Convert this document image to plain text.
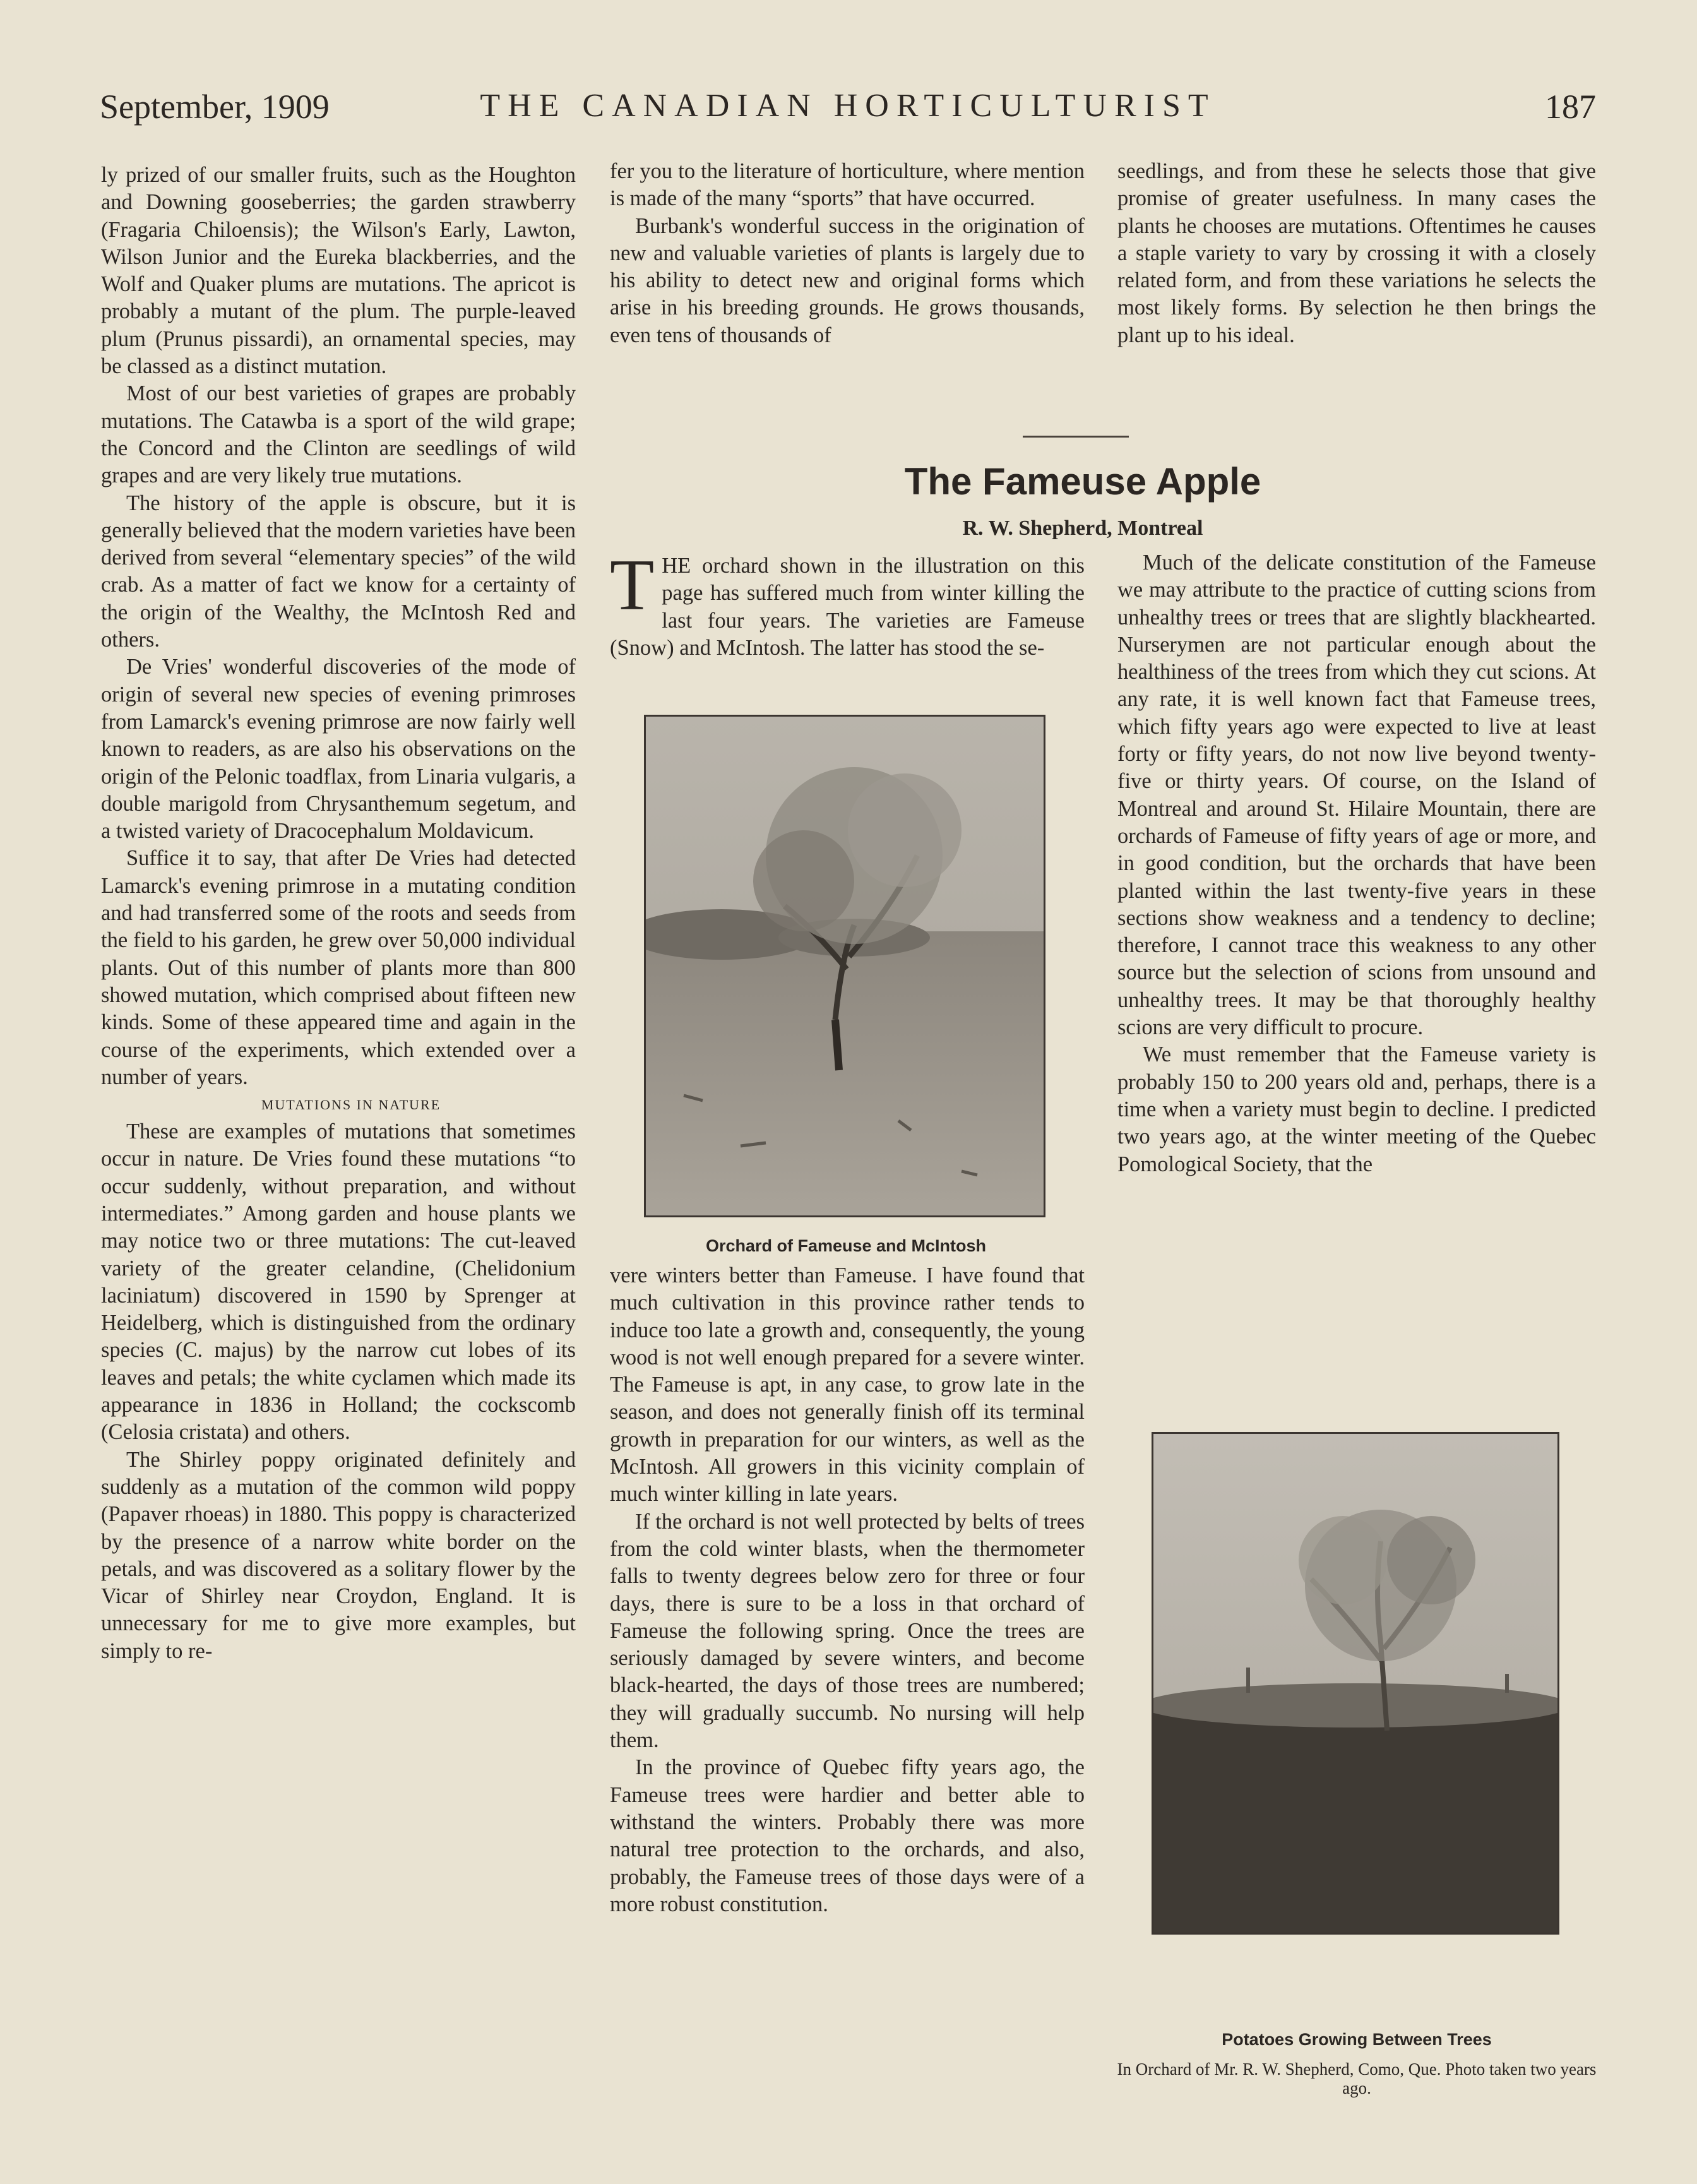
September, 1909	THE CANADIAN HORTICULTURIST	187

ly prized of our smaller fruits, such as the Houghton and Downing gooseberries; the garden strawberry (Fragaria Chiloensis); the Wilson's Early, Lawton, Wilson Junior and the Eureka blackberries, and the Wolf and Quaker plums are mutations. The apricot is probably a mutant of the plum. The purple-leaved plum (Prunus pissardi), an ornamental species, may be classed as a distinct mutation.

Most of our best varieties of grapes are probably mutations. The Catawba is a sport of the wild grape; the Concord and the Clinton are seedlings of wild grapes and are very likely true mutations.

The history of the apple is obscure, but it is generally believed that the modern varieties have been derived from several “elementary species” of the wild crab. As a matter of fact we know for a certainty of the origin of the Wealthy, the McIntosh Red and others.

De Vries' wonderful discoveries of the mode of origin of several new species of evening primroses from Lamarck's evening primrose are now fairly well known to readers, as are also his observations on the origin of the Pelonic toadflax, from Linaria vulgaris, a double marigold from Chrysanthemum segetum, and a twisted variety of Dracocephalum Moldavicum.

Suffice it to say, that after De Vries had detected Lamarck's evening primrose in a mutating condition and had transferred some of the roots and seeds from the field to his garden, he grew over 50,000 individual plants. Out of this number of plants more than 800 showed mutation, which comprised about fifteen new kinds. Some of these appeared time and again in the course of the experiments, which extended over a number of years.

MUTATIONS IN NATURE

These are examples of mutations that sometimes occur in nature. De Vries found these mutations “to occur suddenly, without preparation, and without intermediates.” Among garden and house plants we may notice two or three mutations: The cut-leaved variety of the greater celandine, (Chelidonium laciniatum) discovered in 1590 by Sprenger at Heidelberg, which is distinguished from the ordinary species (C. majus) by the narrow cut lobes of its leaves and petals; the white cyclamen which made its appearance in 1836 in Holland; the cockscomb (Celosia cristata) and others.

The Shirley poppy originated definitely and suddenly as a mutation of the common wild poppy (Papaver rhoeas) in 1880. This poppy is characterized by the presence of a narrow white border on the petals, and was discovered as a solitary flower by the Vicar of Shirley near Croydon, England. It is unnecessary for me to give more examples, but simply to re-

fer you to the literature of horticulture, where mention is made of the many “sports” that have occurred.

Burbank's wonderful success in the origination of new and valuable varieties of plants is largely due to his ability to detect new and original forms which arise in his breeding grounds. He grows thousands, even tens of thousands of

seedlings, and from these he selects those that give promise of greater usefulness. In many cases the plants he chooses are mutations. Oftentimes he causes a staple variety to vary by crossing it with a closely related form, and from these variations he selects the most likely forms. By selection he then brings the plant up to his ideal.

The Fameuse Apple
R. W. Shepherd, Montreal

THE orchard shown in the illustration on this page has suffered much from winter killing the last four years. The varieties are Fameuse (Snow) and McIntosh. The latter has stood the se-

Orchard of Fameuse and McIntosh

vere winters better than Fameuse. I have found that much cultivation in this province rather tends to induce too late a growth and, consequently, the young wood is not well enough prepared for a severe winter. The Fameuse is apt, in any case, to grow late in the season, and does not generally finish off its terminal growth in preparation for our winters, as well as the McIntosh. All growers in this vicinity complain of much winter killing in late years.

If the orchard is not well protected by belts of trees from the cold winter blasts, when the thermometer falls to twenty degrees below zero for three or four days, there is sure to be a loss in that orchard of Fameuse the following spring. Once the trees are seriously damaged by severe winters, and become black-hearted, the days of those trees are numbered; they will gradually succumb. No nursing will help them.

In the province of Quebec fifty years ago, the Fameuse trees were hardier and better able to withstand the winters. Probably there was more natural tree protection to the orchards, and also, probably, the Fameuse trees of those days were of a more robust constitution.

Much of the delicate constitution of the Fameuse we may attribute to the practice of cutting scions from unhealthy trees or trees that are slightly blackhearted. Nurserymen are not particular enough about the healthiness of the trees from which they cut scions. At any rate, it is well known fact that Fameuse trees, which fifty years ago were expected to live at least forty or fifty years, do not now live beyond twenty-five or thirty years. Of course, on the Island of Montreal and around St. Hilaire Mountain, there are orchards of Fameuse of fifty years of age or more, and in good condition, but the orchards that have been planted within the last twenty-five years in these sections show weakness and a tendency to decline; therefore, I cannot trace this weakness to any other source but the selection of scions from unsound and unhealthy trees. It may be that thoroughly healthy scions are very difficult to procure.

We must remember that the Fameuse variety is probably 150 to 200 years old and, perhaps, there is a time when a variety must begin to decline. I predicted two years ago, at the winter meeting of the Quebec Pomological Society, that the

Potatoes Growing Between Trees
In Orchard of Mr. R. W. Shepherd, Como, Que. Photo taken two years ago.
